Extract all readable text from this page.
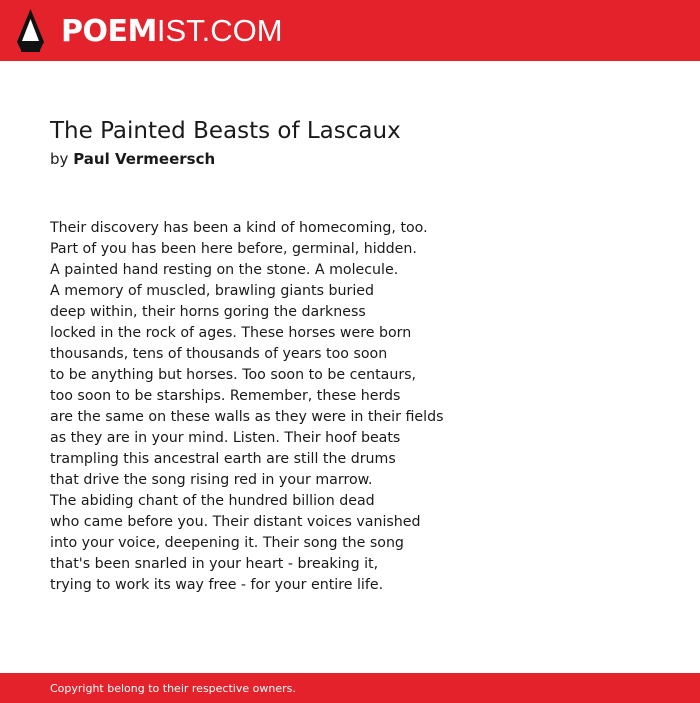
POEMIST.COM
The Painted Beasts of Lascaux
by Paul Vermeersch
Their discovery has been a kind of homecoming, too.
Part of you has been here before, germinal, hidden.
A painted hand resting on the stone. A molecule.
A memory of muscled, brawling giants buried
deep within, their horns goring the darkness
locked in the rock of ages. These horses were born
thousands, tens of thousands of years too soon
to be anything but horses. Too soon to be centaurs,
too soon to be starships. Remember, these herds
are the same on these walls as they were in their fields
as they are in your mind. Listen. Their hoof beats
trampling this ancestral earth are still the drums
that drive the song rising red in your marrow.
The abiding chant of the hundred billion dead
who came before you. Their distant voices vanished
into your voice, deepening it. Their song the song
that's been snarled in your heart - breaking it,
trying to work its way free - for your entire life.
Copyright belong to their respective owners.
